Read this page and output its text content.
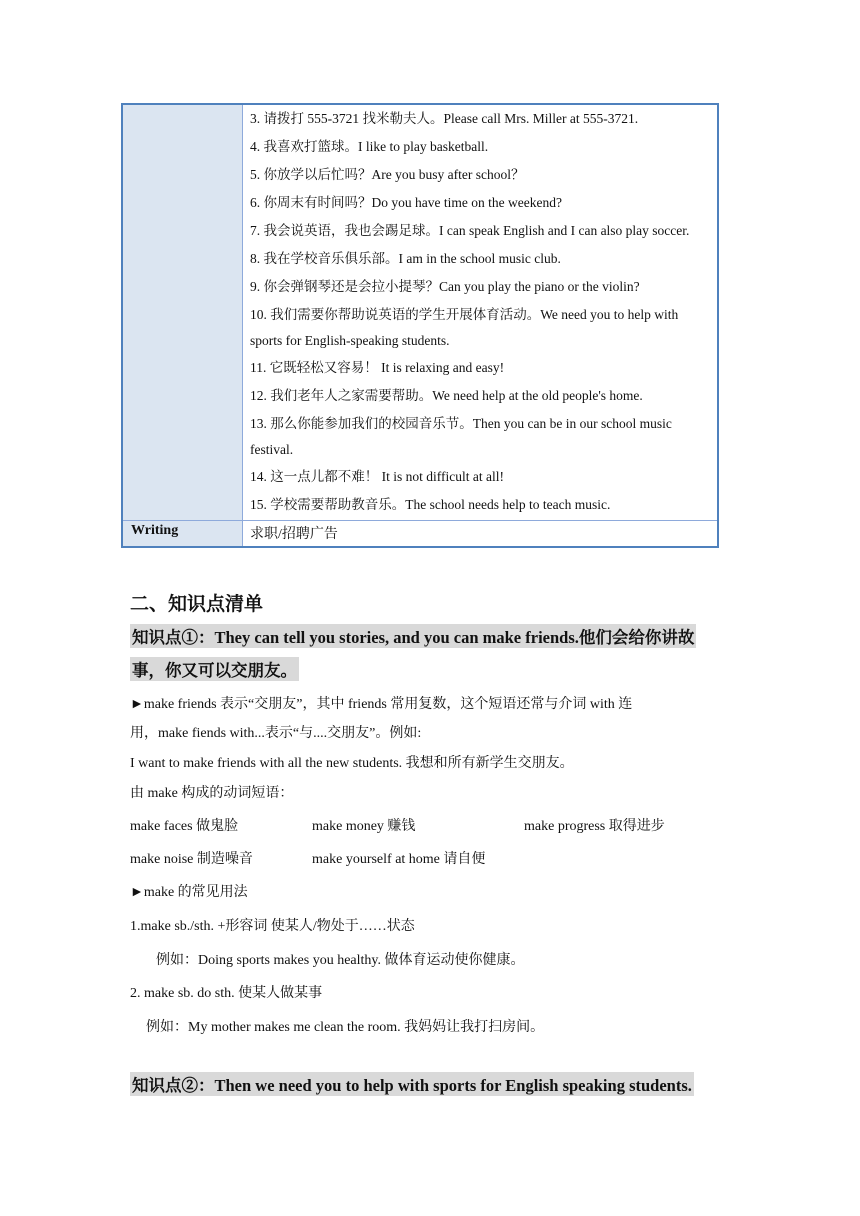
3. 请拨打 555-3721 找米勒夫人。Please call Mrs. Miller at 555-3721.
4. 我喜欢打篮球。I like to play basketball.
5. 你放学以后忙吗？Are you busy after school？
6. 你周末有时间吗？Do you have time on the weekend?
7. 我会说英语，我也会踢足球。I can speak English and I can also play soccer.
8. 我在学校音乐俱乐部。I am in the school music club.
9. 你会弹钢琴还是会拉小提琴？Can you play the piano or the violin?
10. 我们需要你帮助说英语的学生开展体育活动。We need you to help with
sports for English-speaking students.
11. 它既轻松又容易！ It is relaxing and easy!
12. 我们老年人之家需要帮助。We need help at the old people's home.
13. 那么你能参加我们的校园音乐节。Then you can be in our school music
festival.
14. 这一点儿都不难！ It is not difficult at all!
15. 学校需要帮助教音乐。The school needs help to teach music.
Writing	求职/招聘广告
二、知识点清单
知识点①：They can tell you stories, and you can make friends.他们会给你讲故
事，你又可以交朋友。
►make friends 表示“交朋友”，其中 friends 常用复数，这个短语还常与介词 with 连
用，make fiends with...表示“与....交朋友”。例如:
I want to make friends with all the new students. 我想和所有新学生交朋友。
由 make 构成的动词短语：
make faces 做鬼脸	make money 赚钱	make progress 取得进步
make noise 制造噪音	make yourself at home 请自便
►make 的常见用法
1.make sb./sth. +形容词 使某人/物处于……状态
例如：Doing sports makes you healthy. 做体育运动使你健康。
2. make sb. do sth. 使某人做某事
例如：My mother makes me clean the room. 我妈妈让我打扫房间。
知识点②：Then we need you to help with sports for English speaking students.
